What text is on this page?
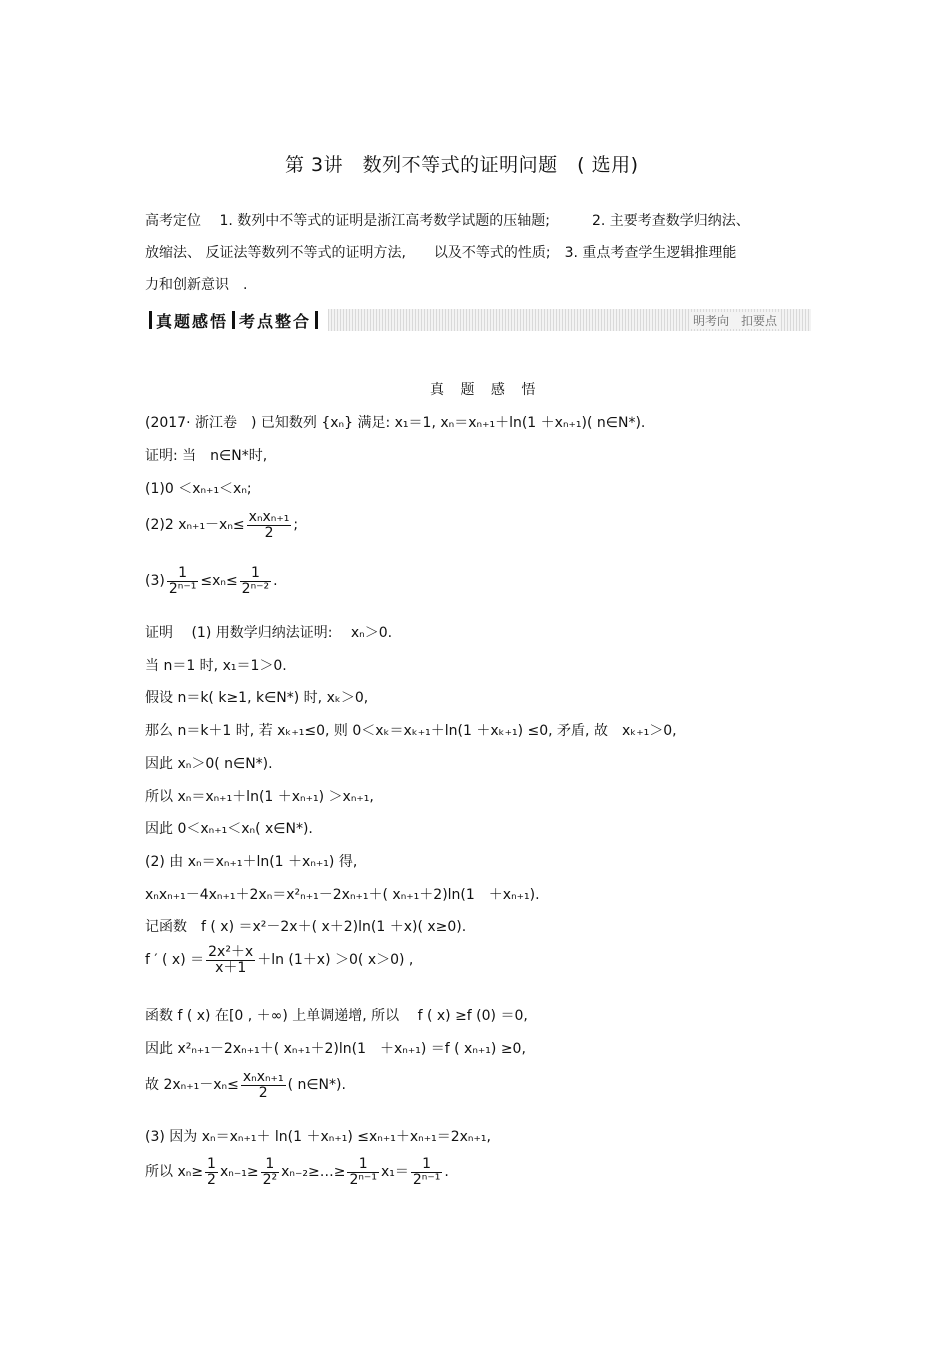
第 3讲　数列不等式的证明问题　( 选用)
高考定位　 1. 数列中不等式的证明是浙江高考数学试题的压轴题;　　　2. 主要考查数学归纳法、
放缩法、 反证法等数列不等式的证明方法,　　以及不等式的性质;　3. 重点考查学生逻辑推理能
力和创新意识　.
真题感悟 考点整合	明考向　扣要点
真 题 感 悟
(2017· 浙江卷　) 已知数列 {xₙ} 满足: x₁＝1, xₙ＝xₙ₊₁＋ln(1 ＋xₙ₊₁)( n∈N*).
证明: 当　n∈N*时,
(1)0 ＜xₙ₊₁＜xₙ;
(2)2 $x_{n+1}-x_n\le \frac{\text{xₙxₙ₊₁}}{2}$ ;
$(3) \frac{1}{\text{2ⁿ⁻¹}} \le x_n\le \frac{1}{\text{2ⁿ⁻²}}$ .
证明　 (1) 用数学归纳法证明:　 xₙ＞0.
当 n＝1 时, x₁＝1＞0.
假设 n＝k( k≥1, k∈N*) 时, xₖ＞0,
那么 n＝k＋1 时, 若 xₖ₊₁≤0, 则 0＜xₖ＝xₖ₊₁＋ln(1 ＋xₖ₊₁) ≤0, 矛盾, 故　xₖ₊₁＞0,
因此 xₙ＞0( n∈N*).
所以 xₙ＝xₙ₊₁＋ln(1 ＋xₙ₊₁) ＞xₙ₊₁,
因此 0＜xₙ₊₁＜xₙ( x∈N*).
(2) 由 xₙ＝xₙ₊₁＋ln(1 ＋xₙ₊₁) 得,
xₙxₙ₊₁－4xₙ₊₁＋2xₙ＝x²ₙ₊₁－2xₙ₊₁＋( xₙ₊₁＋2)ln(1　＋xₙ₊₁).
记函数　f ( x) ＝x²－2x＋( x＋2)ln(1 ＋x)( x≥0).
f ′ ( $x) = \frac{\text{2x²＋x}}{x+1} +\ln$ (1＋x) ＞0( x＞0) ,
函数 f ( x) 在[0 , ＋∞) 上单调递增, 所以　 f ( x) ≥f (0) ＝0,
因此 x²ₙ₊₁－2xₙ₊₁＋( xₙ₊₁＋2)ln(1　＋xₙ₊₁) ＝f ( xₙ₊₁) ≥0,
故 $2x_{n+1}-x_n\le \frac{\text{xₙxₙ₊₁}}{2}$ ( n∈N*).
(3) 因为 xₙ＝xₙ₊₁＋ ln(1 ＋xₙ₊₁) ≤xₙ₊₁＋xₙ₊₁＝2xₙ₊₁,
所以 $x_n\ge \frac{1}{2} x_{n-1}\ge \frac{1}{\text{2²}}$ xₙ₋₂≥…≥ $\frac{1}{\text{2ⁿ⁻¹}} x_1= \frac{1}{\text{2ⁿ⁻¹}}$ .
